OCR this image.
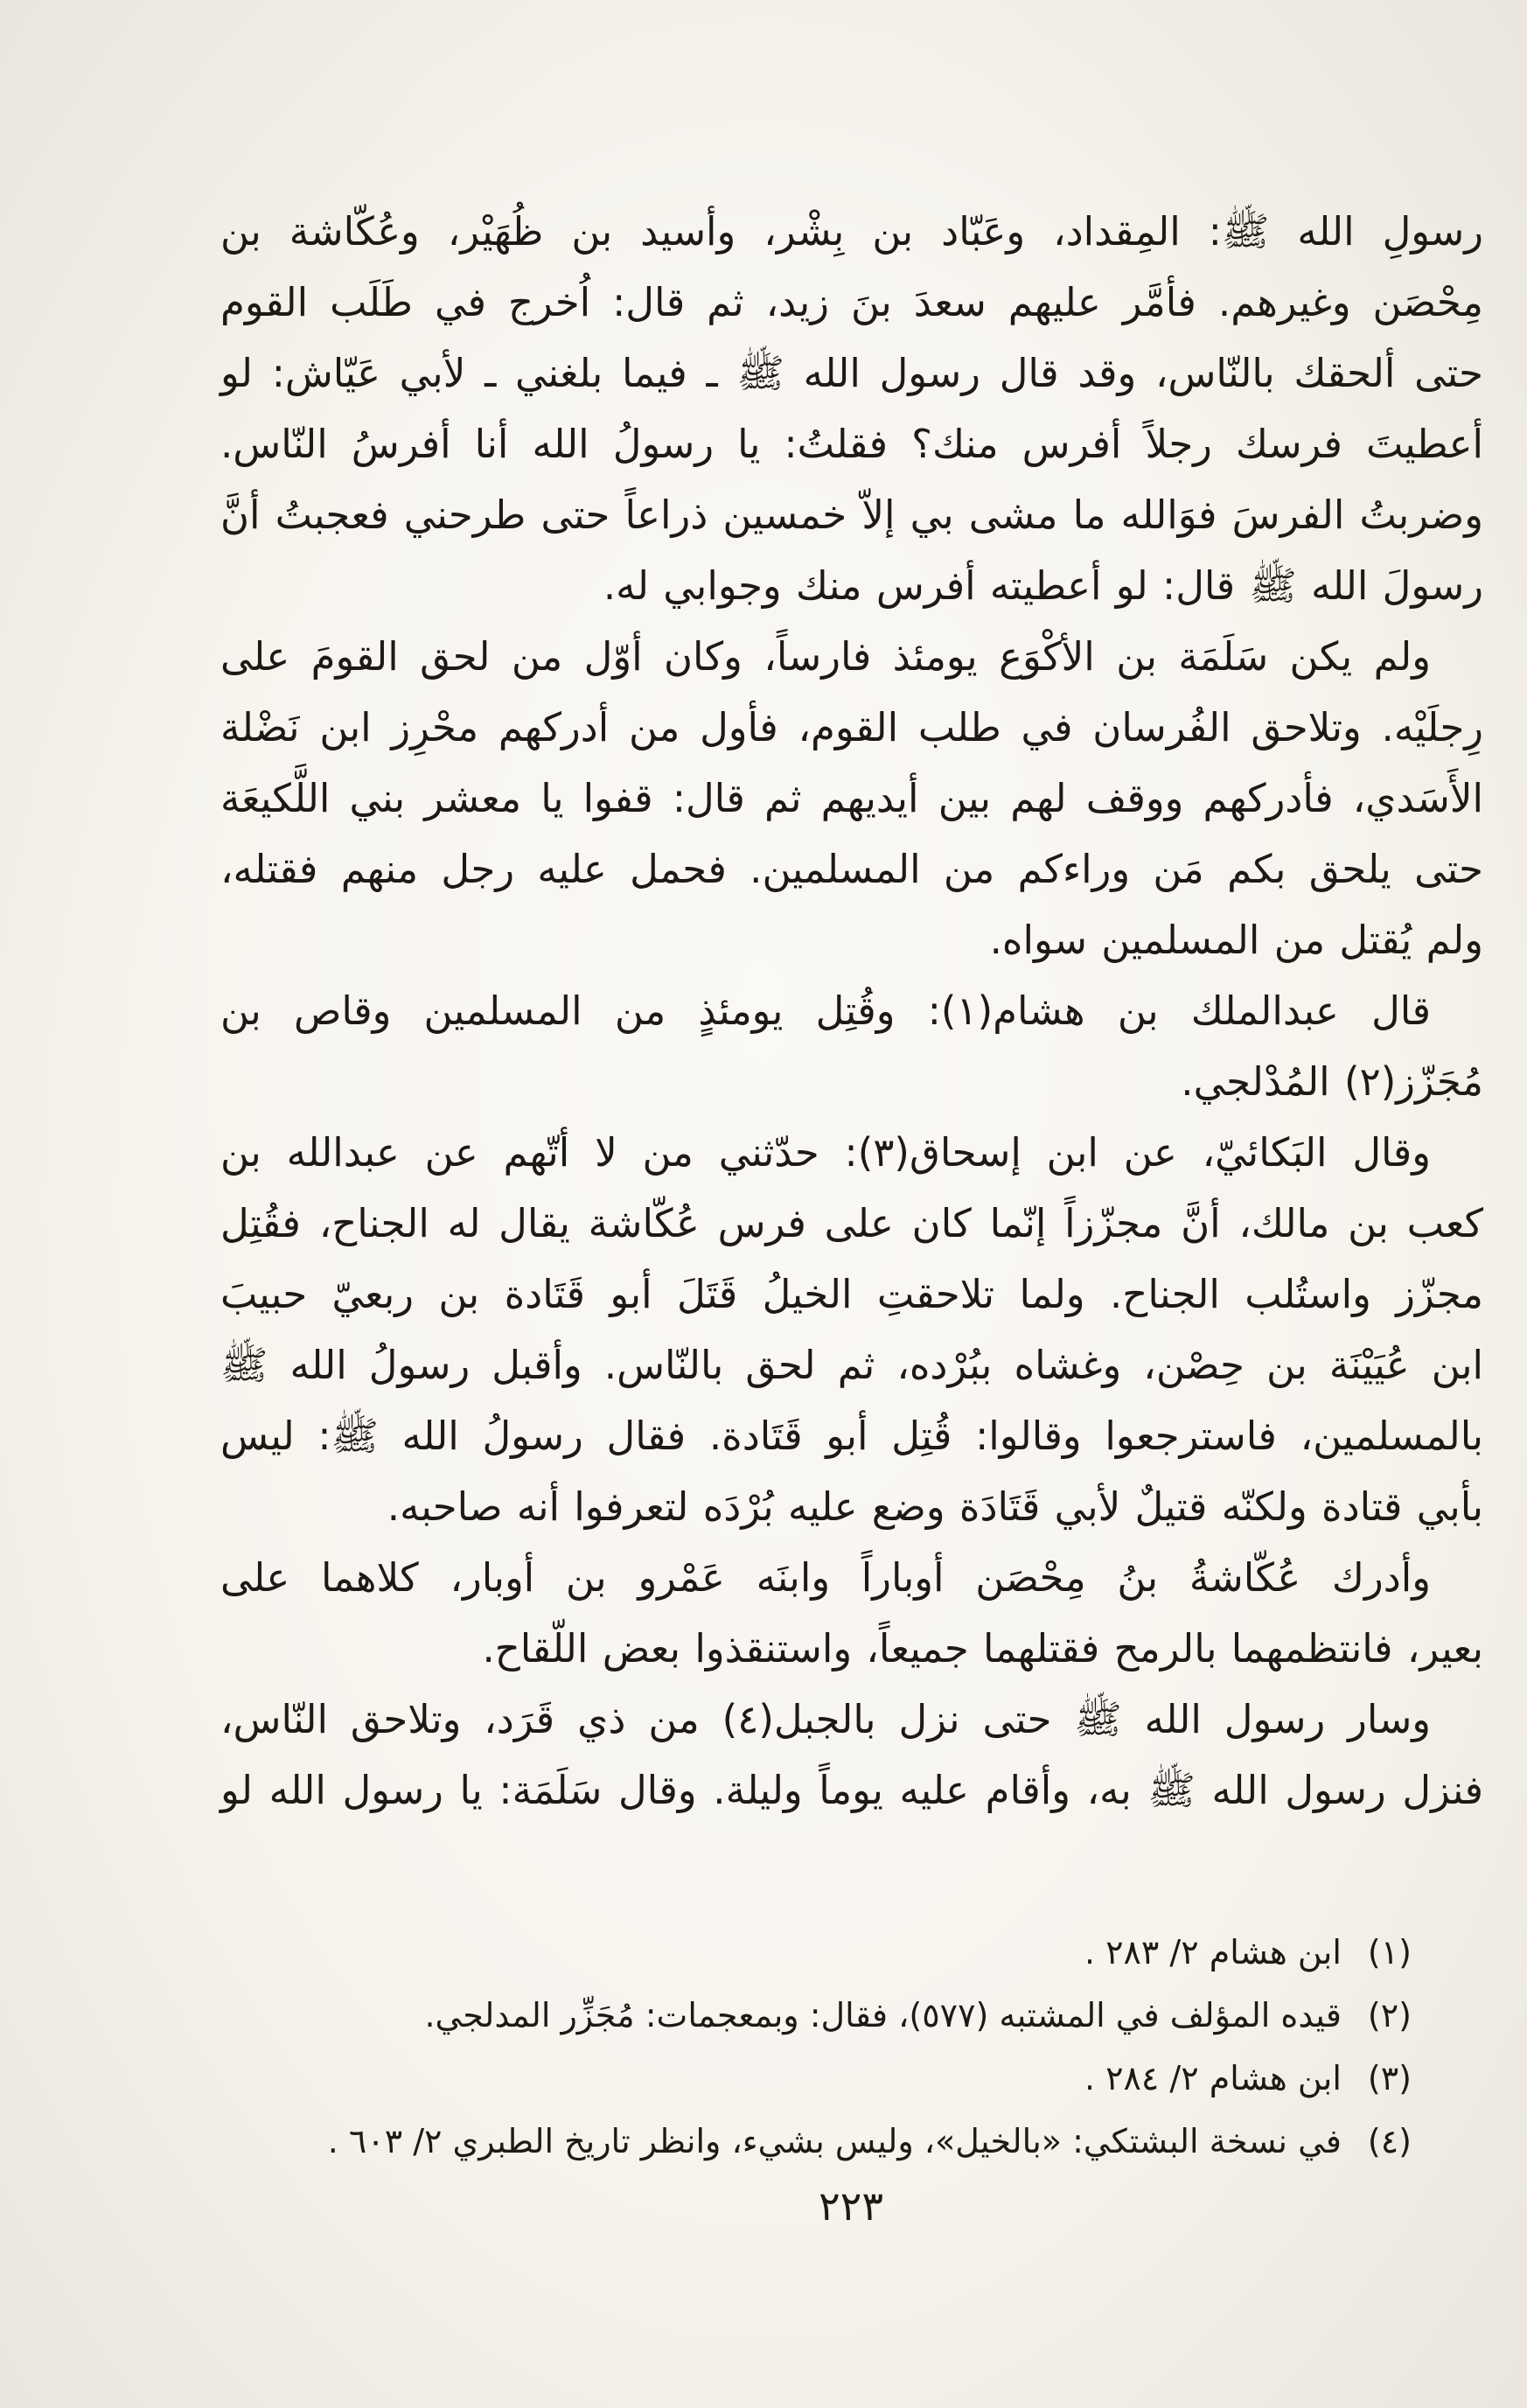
رسولِ الله ﷺ: المِقداد، وعَبّاد بن بِشْر، وأسيد بن ظُهَيْر، وعُكّاشة بن
مِحْصَن وغيرهم. فأمَّر عليهم سعدَ بنَ زيد، ثم قال: اُخرج في طَلَب القوم
حتى ألحقك بالنّاس، وقد قال رسول الله ﷺ ـ فيما بلغني ـ لأبي عَيّاش: لو
أعطيتَ فرسك رجلاً أفرس منك؟ فقلتُ: يا رسولُ الله أنا أفرسُ النّاس.
وضربتُ الفرسَ فوَالله ما مشى بي إلاّ خمسين ذراعاً حتى طرحني فعجبتُ أنَّ
رسولَ الله ﷺ قال: لو أعطيته أفرس منك وجوابي له.

ولم يكن سَلَمَة بن الأكْوَع يومئذ فارساً، وكان أوّل من لحق القومَ على
رِجلَيْه. وتلاحق الفُرسان في طلب القوم، فأول من أدركهم محْرِز ابن نَضْلة
الأَسَدي، فأدركهم ووقف لهم بين أيديهم ثم قال: قفوا يا معشر بني اللَّكيعَة
حتى يلحق بكم مَن وراءكم من المسلمين. فحمل عليه رجل منهم فقتله،
ولم يُقتل من المسلمين سواه.

قال عبدالملك بن هشام(١): وقُتِل يومئذٍ من المسلمين وقاص بن
مُجَزّز(٢) المُدْلجي.

وقال البَكائيّ، عن ابن إسحاق(٣): حدّثني من لا أتّهم عن عبدالله بن
كعب بن مالك، أنَّ مجزّزاً إنّما كان على فرس عُكّاشة يقال له الجناح، فقُتِل
مجزّز واستُلب الجناح. ولما تلاحقتِ الخيلُ قَتَلَ أبو قَتَادة بن ربعيّ حبيبَ
ابن عُيَيْنَة بن حِصْن، وغشاه ببُرْده، ثم لحق بالنّاس. وأقبل رسولُ الله ﷺ
بالمسلمين، فاسترجعوا وقالوا: قُتِل أبو قَتَادة. فقال رسولُ الله ﷺ: ليس
بأبي قتادة ولكنّه قتيلٌ لأبي قَتَادَة وضع عليه بُرْدَه لتعرفوا أنه صاحبه.

وأدرك عُكّاشةُ بنُ مِحْصَن أوباراً وابنَه عَمْرو بن أوبار، كلاهما على
بعير، فانتظمهما بالرمح فقتلهما جميعاً، واستنقذوا بعض اللّقاح.

وسار رسول الله ﷺ حتى نزل بالجبل(٤) من ذي قَرَد، وتلاحق النّاس،
فنزل رسول الله ﷺ به، وأقام عليه يوماً وليلة. وقال سَلَمَة: يا رسول الله لو

(١)
ابن هشام ٢/ ٢٨٣ .
(٢)
قيده المؤلف في المشتبه (٥٧٧)، فقال: وبمعجمات: مُجَزِّر المدلجي.
(٣)
ابن هشام ٢/ ٢٨٤ .
(٤)
في نسخة البشتكي: «بالخيل»، وليس بشيء، وانظر تاريخ الطبري ٢/ ٦٠٣ .
٢٢٣
